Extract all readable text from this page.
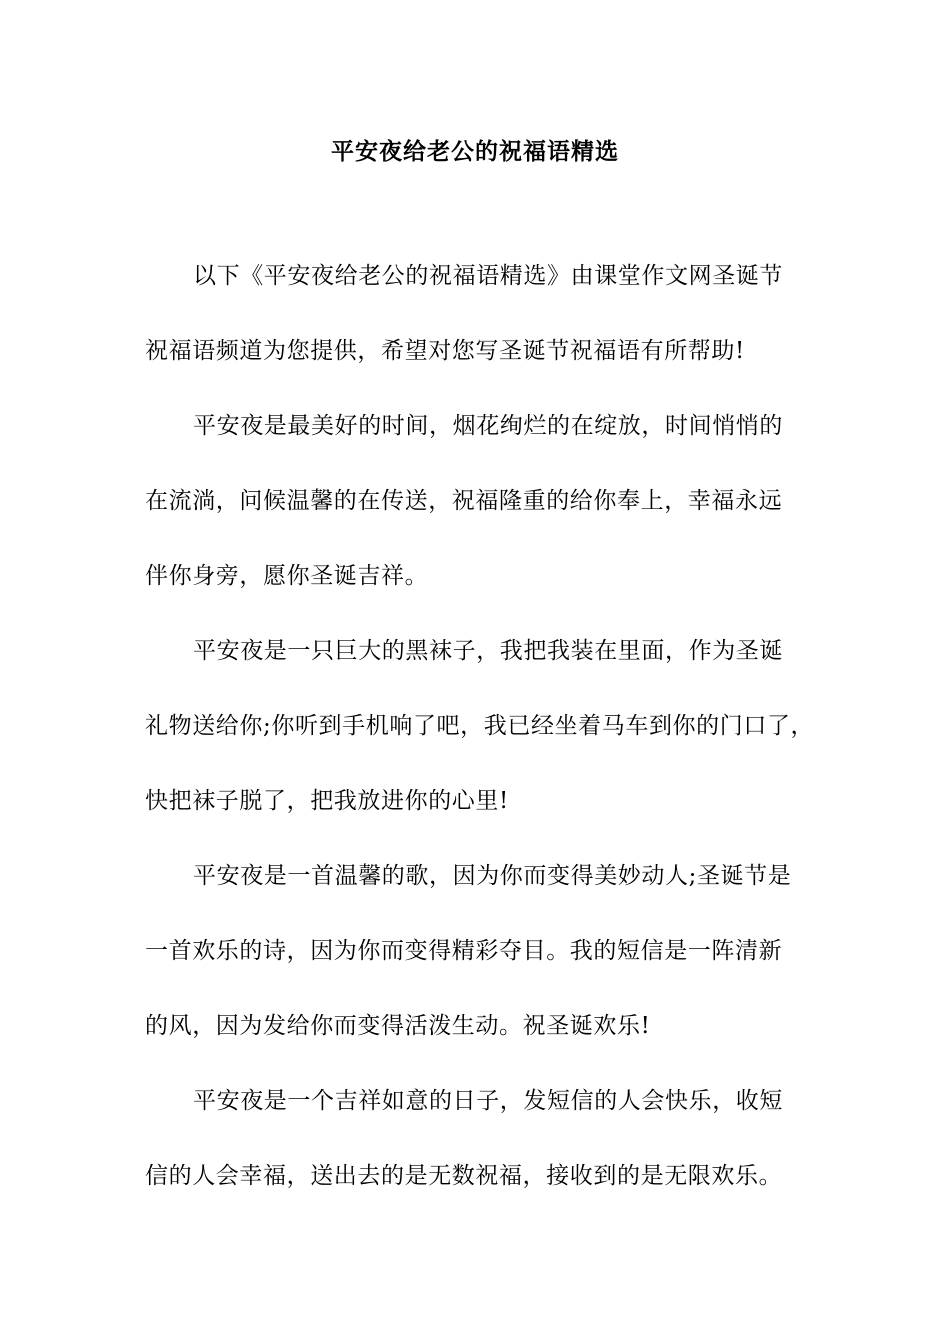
平安夜给老公的祝福语精选
以下《平安夜给老公的祝福语精选》由课堂作文网圣诞节
祝福语频道为您提供，希望对您写圣诞节祝福语有所帮助!
平安夜是最美好的时间，烟花绚烂的在绽放，时间悄悄的
在流淌，问候温馨的在传送，祝福隆重的给你奉上，幸福永远
伴你身旁，愿你圣诞吉祥。
平安夜是一只巨大的黑袜子，我把我装在里面，作为圣诞
礼物送给你;你听到手机响了吧，我已经坐着马车到你的门口了，
快把袜子脱了，把我放进你的心里!
平安夜是一首温馨的歌，因为你而变得美妙动人;圣诞节是
一首欢乐的诗，因为你而变得精彩夺目。我的短信是一阵清新
的风，因为发给你而变得活泼生动。祝圣诞欢乐!
平安夜是一个吉祥如意的日子，发短信的人会快乐，收短
信的人会幸福，送出去的是无数祝福，接收到的是无限欢乐。
